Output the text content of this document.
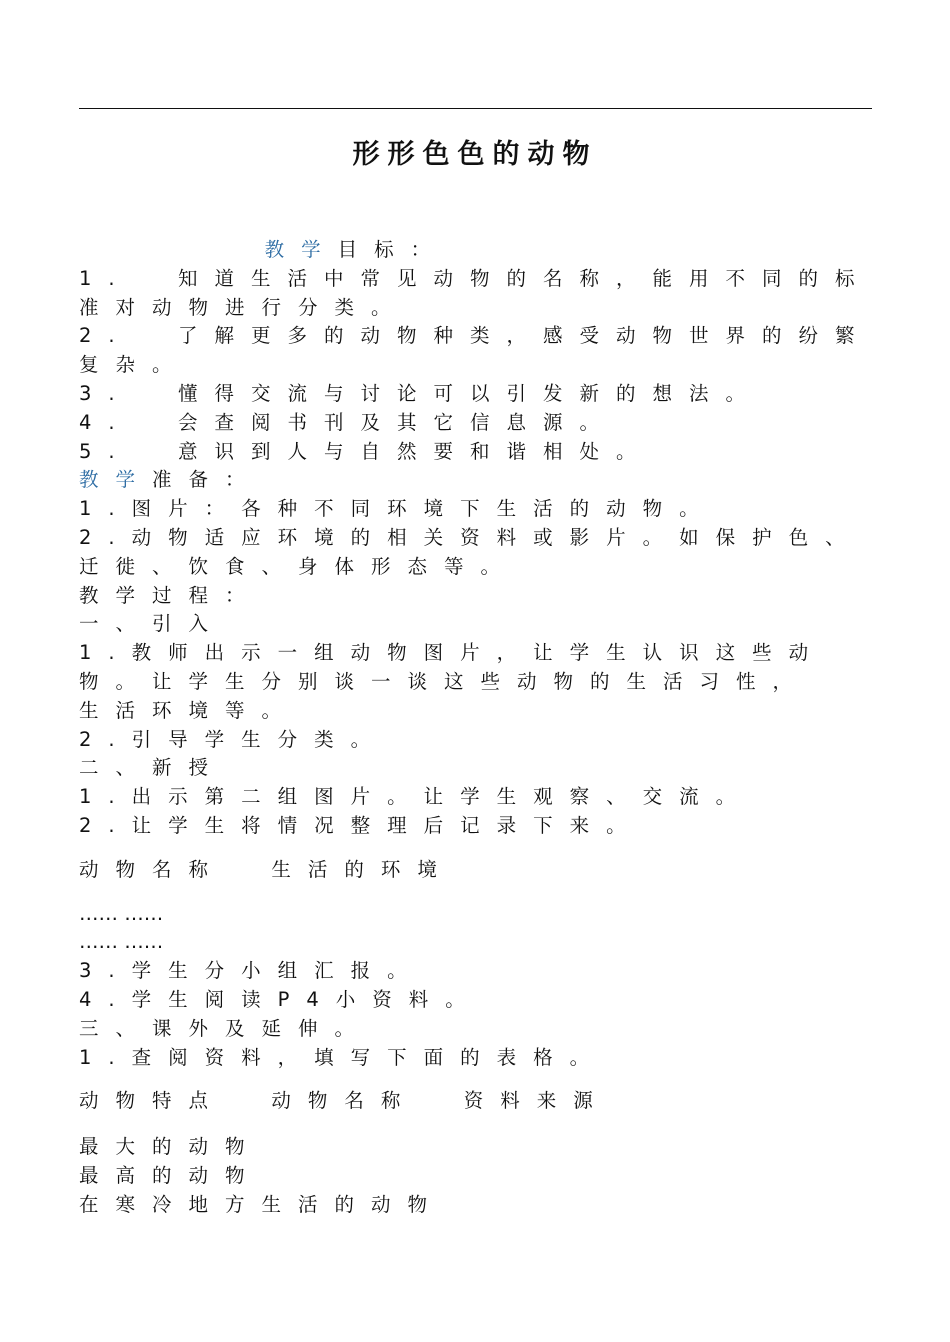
形形色色的动物
教学目标：
1.  知道生活中常见动物的名称，能用不同的标
准对动物进行分类。
2.  了解更多的动物种类，感受动物世界的纷繁
复杂。
3.  懂得交流与讨论可以引发新的想法。
4.  会查阅书刊及其它信息源。
5.  意识到人与自然要和谐相处。
教学准备：
1.图片：各种不同环境下生活的动物。
2.动物适应环境的相关资料或影片。如保护色、
迁徙、饮食、身体形态等。
教学过程：
一、引入
1.教师出示一组动物图片，让学生认识这些动
物。让学生分别谈一谈这些动物的生活习性，
生活环境等。
2.引导学生分类。
二、新授
1.出示第二组图片。让学生观察、交流。
2.让学生将情况整理后记录下来。
动物名称  生活的环境
…… ……
…… ……
3.学生分小组汇报。
4.学生阅读P4小资料。
三、课外及延伸。
1.查阅资料，填写下面的表格。
动物特点  动物名称  资料来源
最大的动物
最高的动物
在寒冷地方生活的动物
